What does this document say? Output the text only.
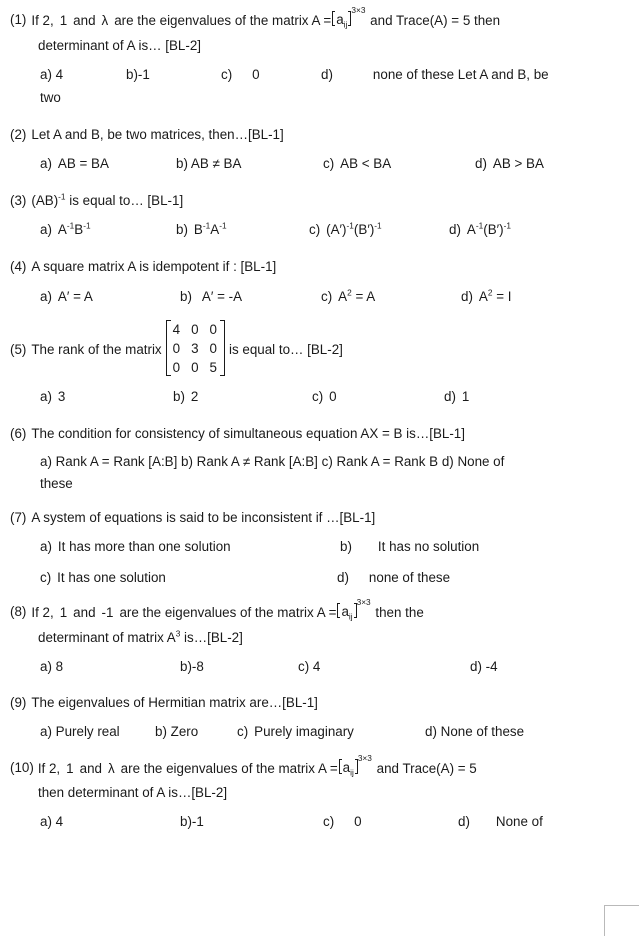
(1) If 2, 1 and λ are the eigenvalues of the matrix $A = a_{ij}$
3×3
and Trace(A) = 5 then
determinant of A is… [BL-2]
a) 4	b)-1	c) 0	d)	none of these Let A and B, be
two
(2) Let A and B, be two matrices, then…[BL-1]
a) AB = BA	b) AB ≠ BA	c) AB < BA	d) AB > BA
(3) (AB)$^{-1}$ is equal to… [BL-1]
a) $A^{-1}B^{-1}$	b) $B^{-1}A^{-1}$	c) $(A')^{-1}(B')^{-1}$	d) $A^{-1}(B')^{-1}$
(4) A square matrix A is idempotent if : [BL-1]
a) A′ = A	b) A′ = -A	c) $A^2 = A$	d) $A^2 = I$
(5) The rank of the matrix
4	0	0
0	3	0
0	0	5
is equal to… [BL-2]
a) 3	b) 2	c) 0	d) 1
(6) The condition for consistency of simultaneous equation AX = B is…[BL-1]
a) Rank A = Rank [A:B] b) Rank A ≠ Rank [A:B] c) Rank A = Rank B d) None of
these
(7) A system of equations is said to be inconsistent if …[BL-1]
a) It has more than one solution	b) It has no solution
c) It has one solution	d) none of these
(8) If 2, 1 and -1 are the eigenvalues of the matrix $A = a_{ij}$
3×3
then the
determinant of matrix $A^3$ is…[BL-2]
a) 8	b)-8	c) 4	d) -4
(9) The eigenvalues of Hermitian matrix are…[BL-1]
a) Purely real	b) Zero	c) Purely imaginary	d) None of these
(10) If 2, 1 and λ are the eigenvalues of the matrix $A = a_{ij}$
3×3
and Trace(A) = 5
then determinant of A is…[BL-2]
a) 4	b)-1	c) 0	d) None of
